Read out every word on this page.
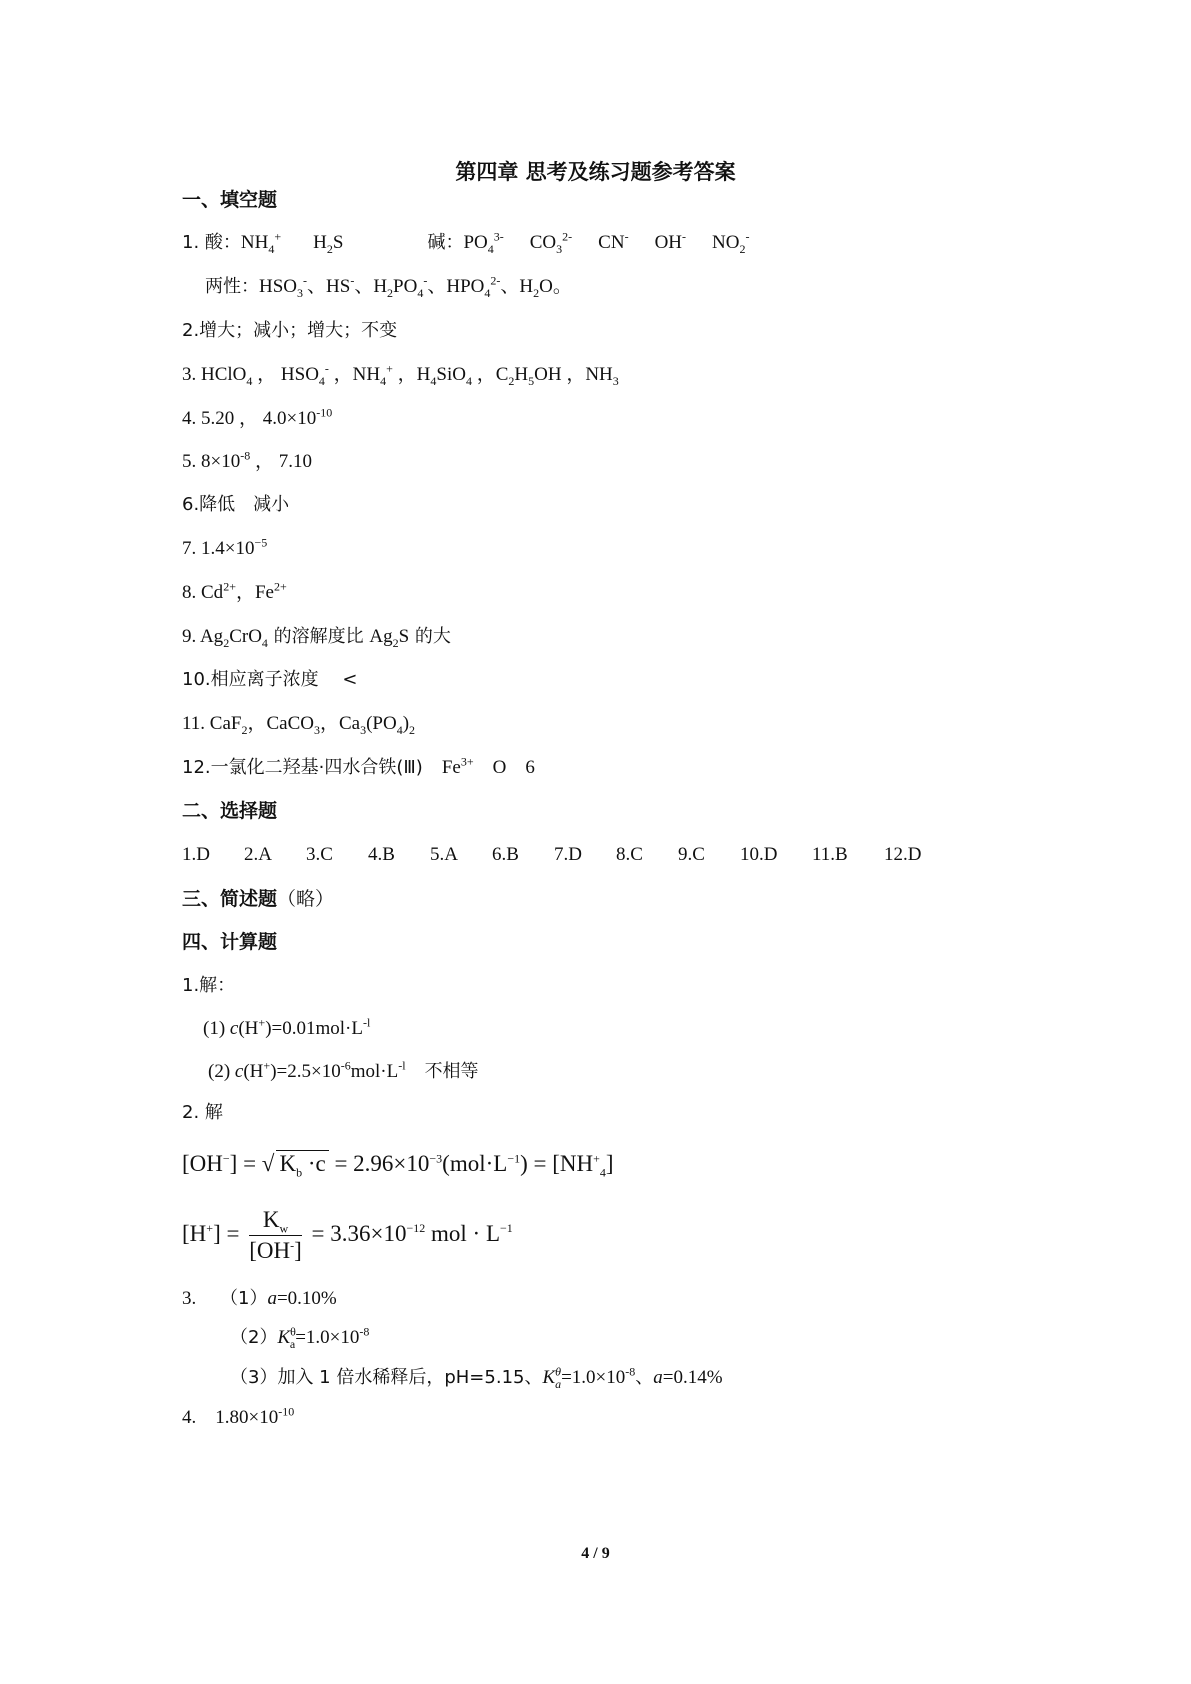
第四章 思考及练习题参考答案
一、填空题
1. 酸：$NH_4^+$ $H_2S$	碱：$PO_4^{3-}$ $CO_3^{2-}$ CN- OH- $NO_2^-$
两性：$HSO_3^-$、HS-、$H_2PO_4^-$、$HPO_4^{2-}$、$H_2O$。
2.增大；减小；增大；不变
3. HClO$_4$ ， $HSO_4^-$ ，$NH_4^+$ ，$H_4SiO_4$ ，$C_2H_5OH$ ，$NH_3$
4. 5.20 ， $4.0\times 10^{-10}$
5. $8\times 10^{-8}$ ， 7.10
6.降低　减小
7. $1.4\times 10^{-5}$
8. $Cd^{2+}$，$Fe^{2+}$
9. $Ag_2CrO_4$ 的溶解度比 $Ag_2S$ 的大
10.相应离子浓度　 <
11. CaF$_2$，CaCO$_3$，$Ca_3(PO_4)_2$
12.一氯化二羟基·四水合铁(Ⅲ)　$Fe^{3+}$　O　6
二、选择题
1.D 2.A 3.C 4.B 5.A 6.B 7.D 8.C 9.C 10.D 11.B 12.D
三、简述题（略）
四、计算题
1.解：
(1) $c(H^+)=0.01mol\cdot L^{-l}$
(2) $c(H^+)=2.5\times 10^{-6}mol\cdot L^{-l}$　 不相等
2. 解
[OH−] = √ $K_b \cdot c = 2.96\times 10^{-3}(mol\cdot L^{-1}) = [NH^+_4]$
$[H^+] = \frac{K_w}{[OH^-]} = 3.36\times 10^{-12}$ mol · $L^{-1}$
3.　 （1）a=0.10%
$(2)K^\theta_a=1.0\times 10^{-8}$
（3）加入 1 倍水稀释后，pH=5.15、$K^\theta_a=1.0\times 10^{-8}$、a=0.14%
4.　$1.80\times 10^{-10}$
4 / 9
